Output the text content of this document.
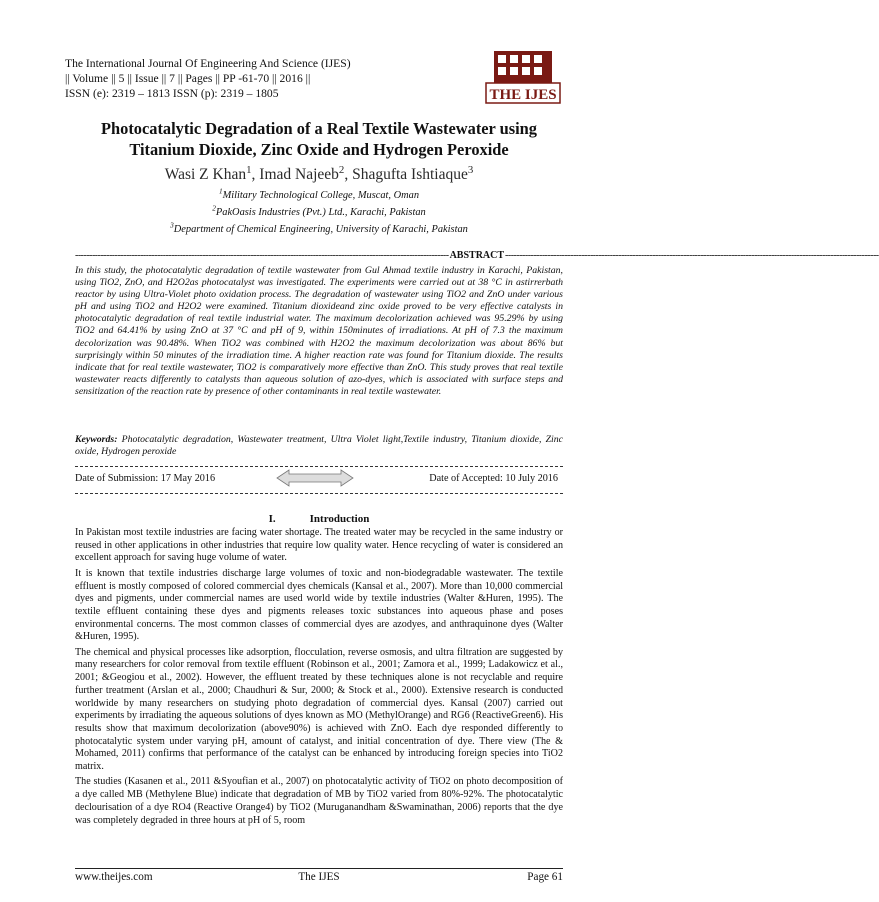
The International Journal Of Engineering And Science (IJES)
|| Volume || 5 || Issue || 7 || Pages || PP -61-70 || 2016 ||
ISSN (e): 2319 – 1813 ISSN (p): 2319 – 1805	THE IJES
Photocatalytic Degradation of a Real Textile Wastewater using
Titanium Dioxide, Zinc Oxide and Hydrogen Peroxide
Wasi Z Khan$^1$, Imad Najeeb$^2$, Shagufta Ishtiaque$^3$
$^1$Military Technological College, Muscat, Oman
$^2$PakOasis Industries (Pvt.) Ltd., Karachi, Pakistan
$^3$Department of Chemical Engineering, University of Karachi, Pakistan
------------------------------------------------------------------------------------------------------------------------------------ ABSTRACT ------------------------------------------------------------------------------------------------------------------------------------
In this study, the photocatalytic degradation of textile wastewater from Gul Ahmad textile industry in Karachi, Pakistan, using TiO2, ZnO, and H2O2as photocatalyst was investigated. The experiments were carried out at 38 °C in astirrerbath reactor by using Ultra-Violet photo oxidation process. The degradation of wastewater using TiO2 and ZnO under various pH and using TiO2 and H2O2 were examined. Titanium dioxideand zinc oxide proved to be very effective catalysts in photocatalytic degradation of real textile industrial water. The maximum decolorization achieved was 95.29% by using TiO2 and 64.41% by using ZnO at 37 °C and pH of 9, within 150minutes of irradiations. At pH of 7.3 the maximum decolorization was 90.48%. When TiO2 was combined with H2O2 the maximum decolorization was about 86% but surprisingly within 50 minutes of the irradiation time. A higher reaction rate was found for Titanium dioxide. The results indicate that for real textile wastewater, TiO2 is comparatively more effective than ZnO. This study proves that real textile wastewater reacts differently to catalysts than aqueous solution of azo-dyes, which is associated with surface steps and sensitization of the reaction rate by presence of other contaminants in real textile wastewater.
Keywords: Photocatalytic degradation, Wastewater treatment, Ultra Violet light,Textile industry, Titanium dioxide, Zinc oxide, Hydrogen peroxide
Date of Submission: 17 May 2016	Date of Accepted: 10 July 2016
I.	Introduction

In Pakistan most textile industries are facing water shortage. The treated water may be recycled in the same industry or reused in other applications in other industries that require low quality water. Hence recycling of water is considered an excellent approach for saving huge volume of water.

It is known that textile industries discharge large volumes of toxic and non-biodegradable wastewater. The textile effluent is mostly composed of colored commercial dyes chemicals (Kansal et al., 2007). More than 10,000 commercial dyes and pigments, under commercial names are used world wide by textile industries (Walter &Huren, 1995). The textile effluent containing these dyes and pigments releases toxic substances into aqueous phase and poses environmental concerns. The most common classes of commercial dyes are azodyes, and anthraquinone dyes (Walter &Huren, 1995).

The chemical and physical processes like adsorption, flocculation, reverse osmosis, and ultra filtration are suggested by many researchers for color removal from textile effluent (Robinson et al., 2001; Zamora et al., 1999; Ladakowicz et al., 2001; &Geogiou et al., 2002). However, the effluent treated by these techniques alone is not recyclable and require further treatment (Arslan et al., 2000; Chaudhuri & Sur, 2000; & Stock et al., 2000). Extensive research is conducted worldwide by many researchers on studying photo degradation of commercial dyes. Kansal (2007) carried out experiments by irradiating the aqueous solutions of dyes known as MO (MethylOrange) and RG6 (ReactiveGreen6). His results show that maximum decolorization (above90%) is achieved with ZnO. Each dye responded differently to photocatalytic system under varying pH, amount of catalyst, and initial concentration of dye. There view (The & Mohamed, 2011) confirms that performance of the catalyst can be enhanced by introducing foreign species into TiO2 matrix.

The studies (Kasanen et al., 2011 &Syoufian et al., 2007) on photocatalytic activity of TiO2 on photo decomposition of a dye called MB (Methylene Blue) indicate that degradation of MB by TiO2 varied from 80%-92%. The photocatalytic declourisation of a dye RO4 (Reactive Orange4) by TiO2 (Muruganandham &Swaminathan, 2006) reports that the dye was completely degraded in three hours at pH of 5, room

www.theijes.com	The IJES	Page 61
